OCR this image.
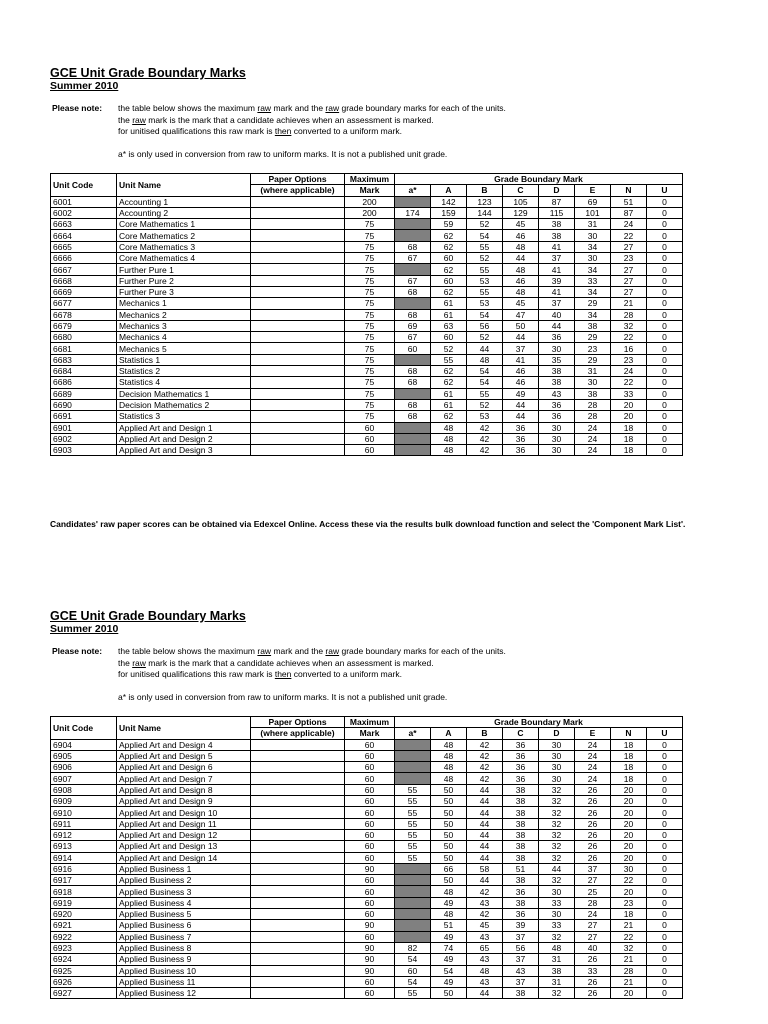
GCE Unit Grade Boundary Marks
Summer 2010
Please note: the table below shows the maximum raw mark and the raw grade boundary marks for each of the units.
the raw mark is the mark that a candidate achieves when an assessment is marked.
for unitised qualifications this raw mark is then converted to a uniform mark.
a* is only used in conversion from raw to uniform marks. It is not a published unit grade.
Unit Code	Unit Name	Paper Options	Maximum	Grade Boundary Mark							
		(where applicable)	Mark	a*	A	B	C	D	E	N	U
6001	Accounting 1		200		142	123	105	87	69	51	0
6002	Accounting 2		200	174	159	144	129	115	101	87	0
6663	Core Mathematics 1		75		59	52	45	38	31	24	0
6664	Core Mathematics 2		75		62	54	46	38	30	22	0
6665	Core Mathematics 3		75	68	62	55	48	41	34	27	0
6666	Core Mathematics 4		75	67	60	52	44	37	30	23	0
6667	Further Pure 1		75		62	55	48	41	34	27	0
6668	Further Pure 2		75	67	60	53	46	39	33	27	0
6669	Further Pure 3		75	68	62	55	48	41	34	27	0
6677	Mechanics 1		75		61	53	45	37	29	21	0
6678	Mechanics 2		75	68	61	54	47	40	34	28	0
6679	Mechanics 3		75	69	63	56	50	44	38	32	0
6680	Mechanics 4		75	67	60	52	44	36	29	22	0
6681	Mechanics 5		75	60	52	44	37	30	23	16	0
6683	Statistics 1		75		55	48	41	35	29	23	0
6684	Statistics 2		75	68	62	54	46	38	31	24	0
6686	Statistics 4		75	68	62	54	46	38	30	22	0
6689	Decision Mathematics 1		75		61	55	49	43	38	33	0
6690	Decision Mathematics 2		75	68	61	52	44	36	28	20	0
6691	Statistics 3		75	68	62	53	44	36	28	20	0
6901	Applied Art and Design 1		60		48	42	36	30	24	18	0
6902	Applied Art and Design 2		60		48	42	36	30	24	18	0
6903	Applied Art and Design 3		60		48	42	36	30	24	18	0
Candidates' raw paper scores can be obtained via Edexcel Online. Access these via the results bulk download function and select the 'Component Mark List'.
GCE Unit Grade Boundary Marks
Summer 2010
Please note: the table below shows the maximum raw mark and the raw grade boundary marks for each of the units.
the raw mark is the mark that a candidate achieves when an assessment is marked.
for unitised qualifications this raw mark is then converted to a uniform mark.
a* is only used in conversion from raw to uniform marks. It is not a published unit grade.
Unit Code	Unit Name	Paper Options	Maximum	Grade Boundary Mark							
		(where applicable)	Mark	a*	A	B	C	D	E	N	U
6904	Applied Art and Design 4		60		48	42	36	30	24	18	0
6905	Applied Art and Design 5		60		48	42	36	30	24	18	0
6906	Applied Art and Design 6		60		48	42	36	30	24	18	0
6907	Applied Art and Design 7		60		48	42	36	30	24	18	0
6908	Applied Art and Design 8		60	55	50	44	38	32	26	20	0
6909	Applied Art and Design 9		60	55	50	44	38	32	26	20	0
6910	Applied Art and Design 10		60	55	50	44	38	32	26	20	0
6911	Applied Art and Design 11		60	55	50	44	38	32	26	20	0
6912	Applied Art and Design 12		60	55	50	44	38	32	26	20	0
6913	Applied Art and Design 13		60	55	50	44	38	32	26	20	0
6914	Applied Art and Design 14		60	55	50	44	38	32	26	20	0
6916	Applied Business 1		90		66	58	51	44	37	30	0
6917	Applied Business 2		60		50	44	38	32	27	22	0
6918	Applied Business 3		60		48	42	36	30	25	20	0
6919	Applied Business 4		60		49	43	38	33	28	23	0
6920	Applied Business 5		60		48	42	36	30	24	18	0
6921	Applied Business 6		90		51	45	39	33	27	21	0
6922	Applied Business 7		60		49	43	37	32	27	22	0
6923	Applied Business 8		90	82	74	65	56	48	40	32	0
6924	Applied Business 9		90	54	49	43	37	31	26	21	0
6925	Applied Business 10		90	60	54	48	43	38	33	28	0
6926	Applied Business 11		60	54	49	43	37	31	26	21	0
6927	Applied Business 12		60	55	50	44	38	32	26	20	0
